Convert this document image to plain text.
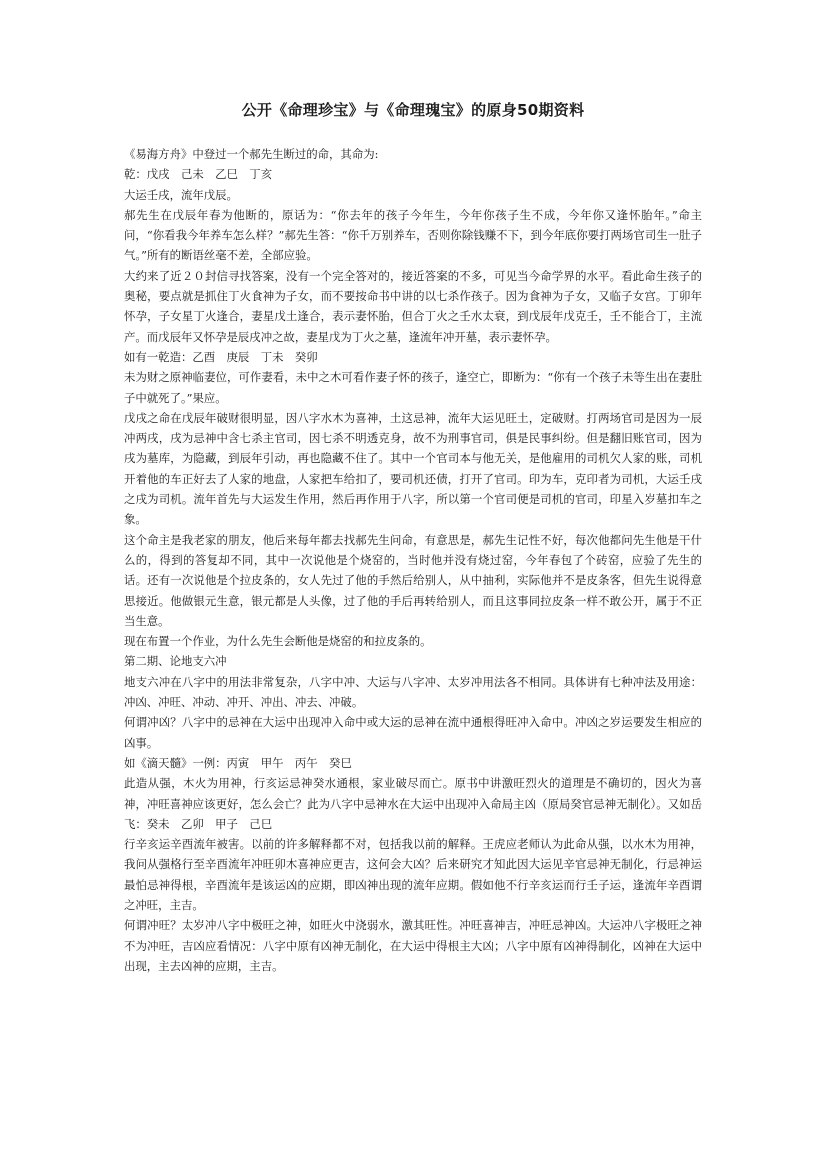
公开《命理珍宝》与《命理瑰宝》的原身50期资料

《易海方舟》中登过一个郝先生断过的命，其命为:

乾：戊戌　己未　乙巳　丁亥

大运壬戌，流年戊辰。

郝先生在戊辰年春为他断的，原话为：“你去年的孩子今年生，今年你孩子生不成，今年你又逢怀胎年。”命主问，“你看我今年养车怎么样？”郝先生答：“你千万别养车，否则你除钱赚不下，到今年底你要打两场官司生一肚子气。”所有的断语丝毫不差，全部应验。

大约来了近２０封信寻找答案，没有一个完全答对的，接近答案的不多，可见当今命学界的水平。看此命生孩子的奥秘，要点就是抓住丁火食神为子女，而不要按命书中讲的以七杀作孩子。因为食神为子女，又临子女宫。丁卯年怀孕，子女星丁火逢合，妻星戊土逢合，表示妻怀胎，但合丁火之壬水太衰，到戊辰年戊克壬，壬不能合丁，主流产。而戊辰年又怀孕是辰戌冲之故，妻星戊为丁火之墓，逢流年冲开墓，表示妻怀孕。

如有一乾造：乙酉　庚辰　丁未　癸卯

未为财之原神临妻位，可作妻看，未中之木可看作妻子怀的孩子，逢空亡，即断为：“你有一个孩子未等生出在妻肚子中就死了。”果应。

戊戌之命在戊辰年破财很明显，因八字水木为喜神，土这忌神，流年大运见旺土，定破财。打两场官司是因为一辰冲两戌，戌为忌神中含七杀主官司，因七杀不明透克身，故不为刑事官司，俱是民事纠纷。但是翻旧账官司，因为戌为墓库，为隐藏，到辰年引动，再也隐藏不住了。其中一个官司本与他无关，是他雇用的司机欠人家的账，司机开着他的车正好去了人家的地盘，人家把车给扣了，要司机还债，打开了官司。印为车，克印者为司机，大运壬戌之戌为司机。流年首先与大运发生作用，然后再作用于八字，所以第一个官司便是司机的官司，印星入岁墓扣车之象。

这个命主是我老家的朋友，他后来每年都去找郝先生问命，有意思是，郝先生记性不好，每次他都问先生他是干什么的，得到的答复却不同，其中一次说他是个烧窑的，当时他并没有烧过窑，今年春包了个砖窑，应验了先生的话。还有一次说他是个拉皮条的，女人先过了他的手然后给别人，从中抽利，实际他并不是皮条客，但先生说得意思接近。他做银元生意，银元都是人头像，过了他的手后再转给别人，而且这事同拉皮条一样不敢公开，属于不正当生意。

现在布置一个作业，为什么先生会断他是烧窑的和拉皮条的。

第二期、论地支六冲

地支六冲在八字中的用法非常复杂，八字中冲、大运与八字冲、太岁冲用法各不相同。具体讲有七种冲法及用途：冲凶、冲旺、冲动、冲开、冲出、冲去、冲破。

何谓冲凶？八字中的忌神在大运中出现冲入命中或大运的忌神在流中通根得旺冲入命中。冲凶之岁运要发生相应的凶事。

如《滴天髓》一例：丙寅　甲午　丙午　癸巳

此造从强，木火为用神，行亥运忌神癸水通根，家业破尽而亡。原书中讲激旺烈火的道理是不确切的，因火为喜神，冲旺喜神应该更好，怎么会亡？此为八字中忌神水在大运中出现冲入命局主凶（原局癸官忌神无制化）。又如岳飞：癸未　乙卯　甲子　己巳

行辛亥运辛酉流年被害。以前的许多解释都不对，包括我以前的解释。王虎应老师认为此命从强，以水木为用神，我问从强格行至辛酉流年冲旺卯木喜神应更吉，这何会大凶？后来研究才知此因大运见辛官忌神无制化，行忌神运最怕忌神得根，辛酉流年是该运凶的应期，即凶神出现的流年应期。假如他不行辛亥运而行壬子运，逢流年辛酉谓之冲旺，主吉。

何谓冲旺？太岁冲八字中极旺之神，如旺火中浇弱水，激其旺性。冲旺喜神吉，冲旺忌神凶。大运冲八字极旺之神不为冲旺，吉凶应看情况：八字中原有凶神无制化，在大运中得根主大凶；八字中原有凶神得制化，凶神在大运中出现，主去凶神的应期，主吉。
